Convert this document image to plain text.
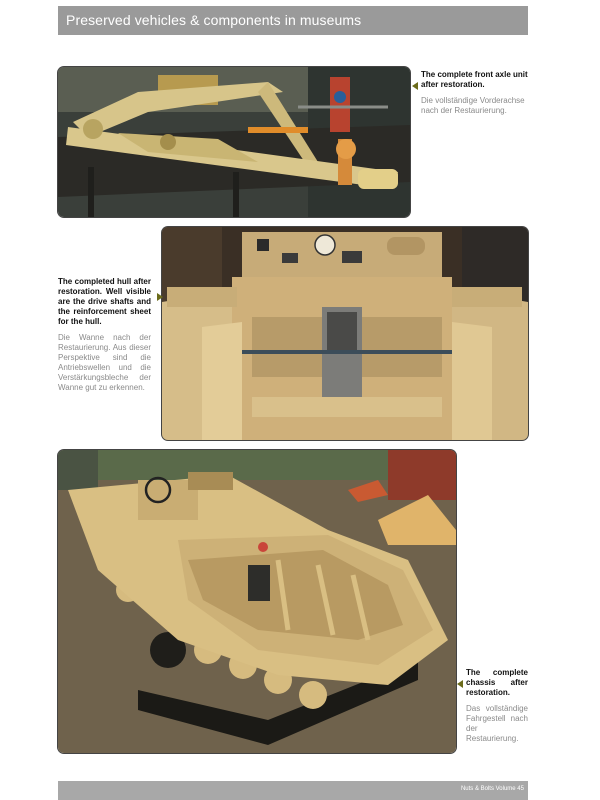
Preserved vehicles & components in museums
The complete front axle unit after restoration.
Die vollständige Vorderachse nach der Restaurierung.
The completed hull after restoration. Well visible are the drive shafts and the reinforcement sheet for the hull.
Die Wanne nach der Restaurierung. Aus dieser Perspektive sind die Antriebswellen und die Verstärkungsbleche der Wanne gut zu erkennen.
The complete chassis after restoration.
Das vollständige Fahrgestell nach der Restaurierung.
Nuts & Bolts Volume 45
